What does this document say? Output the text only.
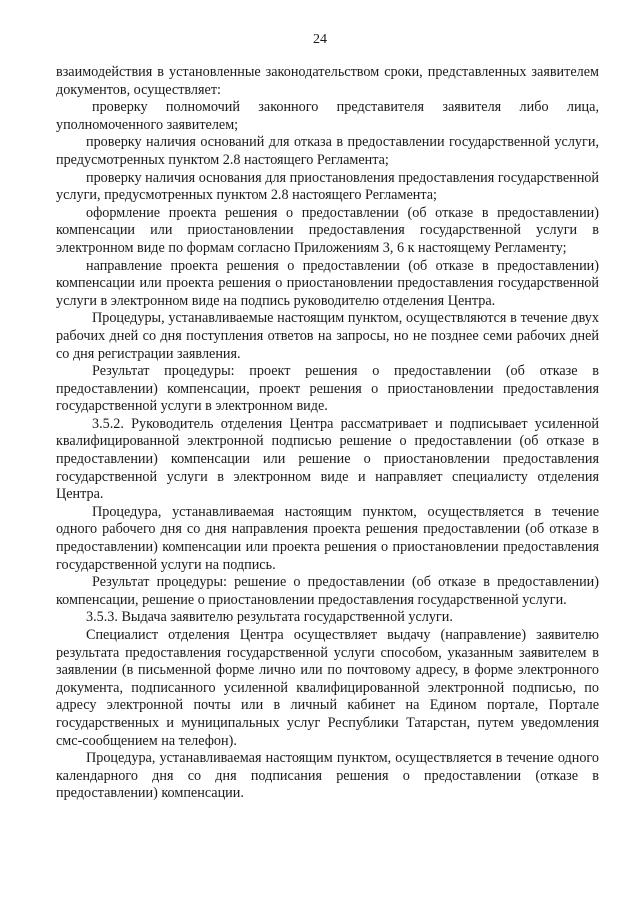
24

взаимодействия в установленные законодательством сроки, представленных заявителем документов, осуществляет:

проверку полномочий законного представителя заявителя либо лица, уполномоченного заявителем;

проверку наличия оснований для отказа в предоставлении государственной услуги, предусмотренных пунктом 2.8 настоящего Регламента;

проверку наличия основания для приостановления предоставления государственной услуги, предусмотренных пунктом 2.8 настоящего Регламента;

оформление проекта решения о предоставлении (об отказе в предоставлении) компенсации или приостановлении предоставления государственной услуги в электронном виде по формам согласно Приложениям 3, 6 к настоящему Регламенту;

направление проекта решения о предоставлении (об отказе в предоставлении) компенсации или проекта решения о приостановлении предоставления государственной услуги в электронном виде на подпись руководителю отделения Центра.

Процедуры, устанавливаемые настоящим пунктом, осуществляются в течение двух рабочих дней со дня поступления ответов на запросы, но не позднее семи рабочих дней со дня регистрации заявления.

Результат процедуры: проект решения о предоставлении (об отказе в предоставлении) компенсации, проект решения о приостановлении предоставления государственной услуги в электронном виде.

3.5.2. Руководитель отделения Центра рассматривает и подписывает усиленной квалифицированной электронной подписью решение о предоставлении (об отказе в предоставлении) компенсации или решение о приостановлении предоставления государственной услуги в электронном виде и направляет специалисту отделения Центра.

Процедура, устанавливаемая настоящим пунктом, осуществляется в течение одного рабочего дня со дня направления проекта решения предоставлении (об отказе в предоставлении) компенсации или проекта решения о приостановлении предоставления государственной услуги на подпись.

Результат процедуры: решение о предоставлении (об отказе в предоставлении) компенсации, решение о приостановлении предоставления государственной услуги.

3.5.3. Выдача заявителю результата государственной услуги.

Специалист отделения Центра осуществляет выдачу (направление) заявителю результата предоставления государственной услуги способом, указанным заявителем в заявлении (в письменной форме лично или по почтовому адресу, в форме электронного документа, подписанного усиленной квалифицированной электронной подписью, по адресу электронной почты или в личный кабинет на Едином портале, Портале государственных и муниципальных услуг Республики Татарстан, путем уведомления смс-сообщением на телефон).

Процедура, устанавливаемая настоящим пунктом, осуществляется в течение одного календарного дня со дня подписания решения о предоставлении (отказе в предоставлении) компенсации.
